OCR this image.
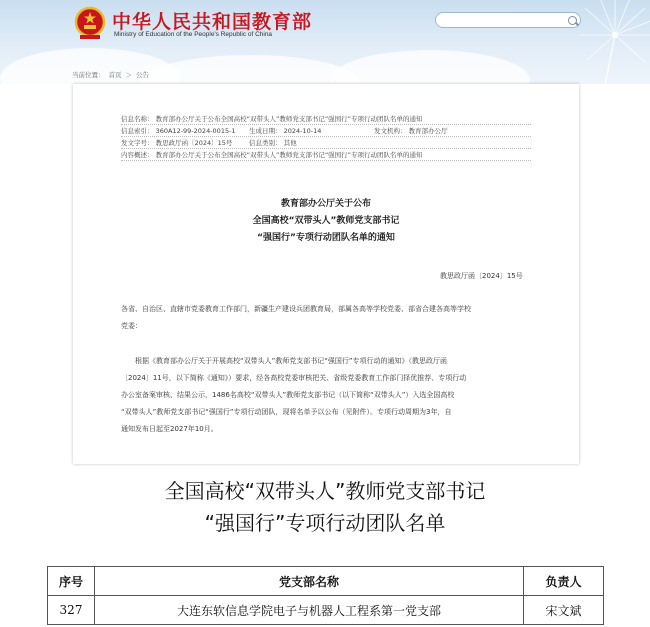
中华人民共和国教育部
Ministry of Education of the People's Republic of China
当前位置： 首页 ＞ 公告
信息名称： 教育部办公厅关于公布全国高校“双带头人”教师党支部书记“强国行”专项行动团队名单的通知
信息索引： 360A12-99-2024-0015-1 生成日期： 2024-10-14	发文机构： 教育部办公厅
发文字号： 教思政厅函〔2024〕15号	信息类别： 其他
内容概述： 教育部办公厅关于公布全国高校“双带头人”教师党支部书记“强国行”专项行动团队名单的通知
教育部办公厅关于公布
全国高校“双带头人”教师党支部书记
“强国行”专项行动团队名单的通知
教思政厅函〔2024〕15号
各省、自治区、直辖市党委教育工作部门，新疆生产建设兵团教育局，部属各高等学校党委、部省合建各高等学校
党委：
根据《教育部办公厅关于开展高校“双带头人”教师党支部书记“强国行”专项行动的通知》（教思政厅函
〔2024〕11号，以下简称《通知》）要求，经各高校党委审核把关、省级党委教育工作部门择优推荐、专项行动
办公室备案审核、结果公示，1486名高校“双带头人”教师党支部书记（以下简称“双带头人”）入选全国高校
“双带头人”教师党支部书记“强国行”专项行动团队，现将名单予以公布（见附件）。专项行动周期为3年，自
通知发布日起至2027年10月。
全国高校“双带头人”教师党支部书记
“强国行”专项行动团队名单
序号	党支部名称	负责人
327	大连东软信息学院电子与机器人工程系第一党支部	宋文斌
